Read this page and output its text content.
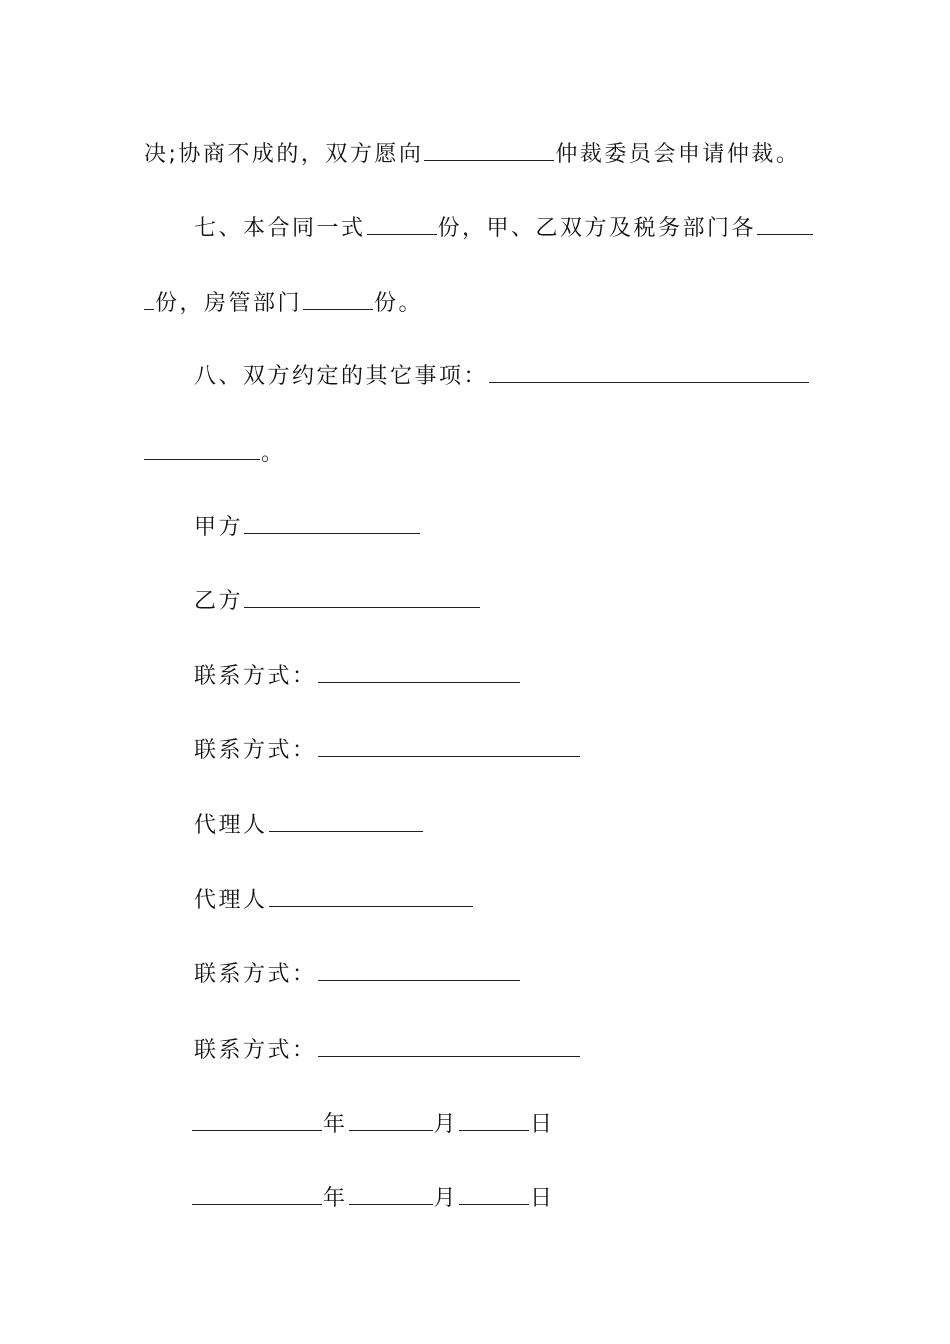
决;协商不成的，双方愿向	仲裁委员会申请仲裁。
七、本合同一式	份，甲、乙双方及税务部门各
份，房管部门	份。
八、双方约定的其它事项：
。
甲方
乙方
联系方式：
联系方式：
代理人
代理人
联系方式：
联系方式：
年	月	日
年	月	日
